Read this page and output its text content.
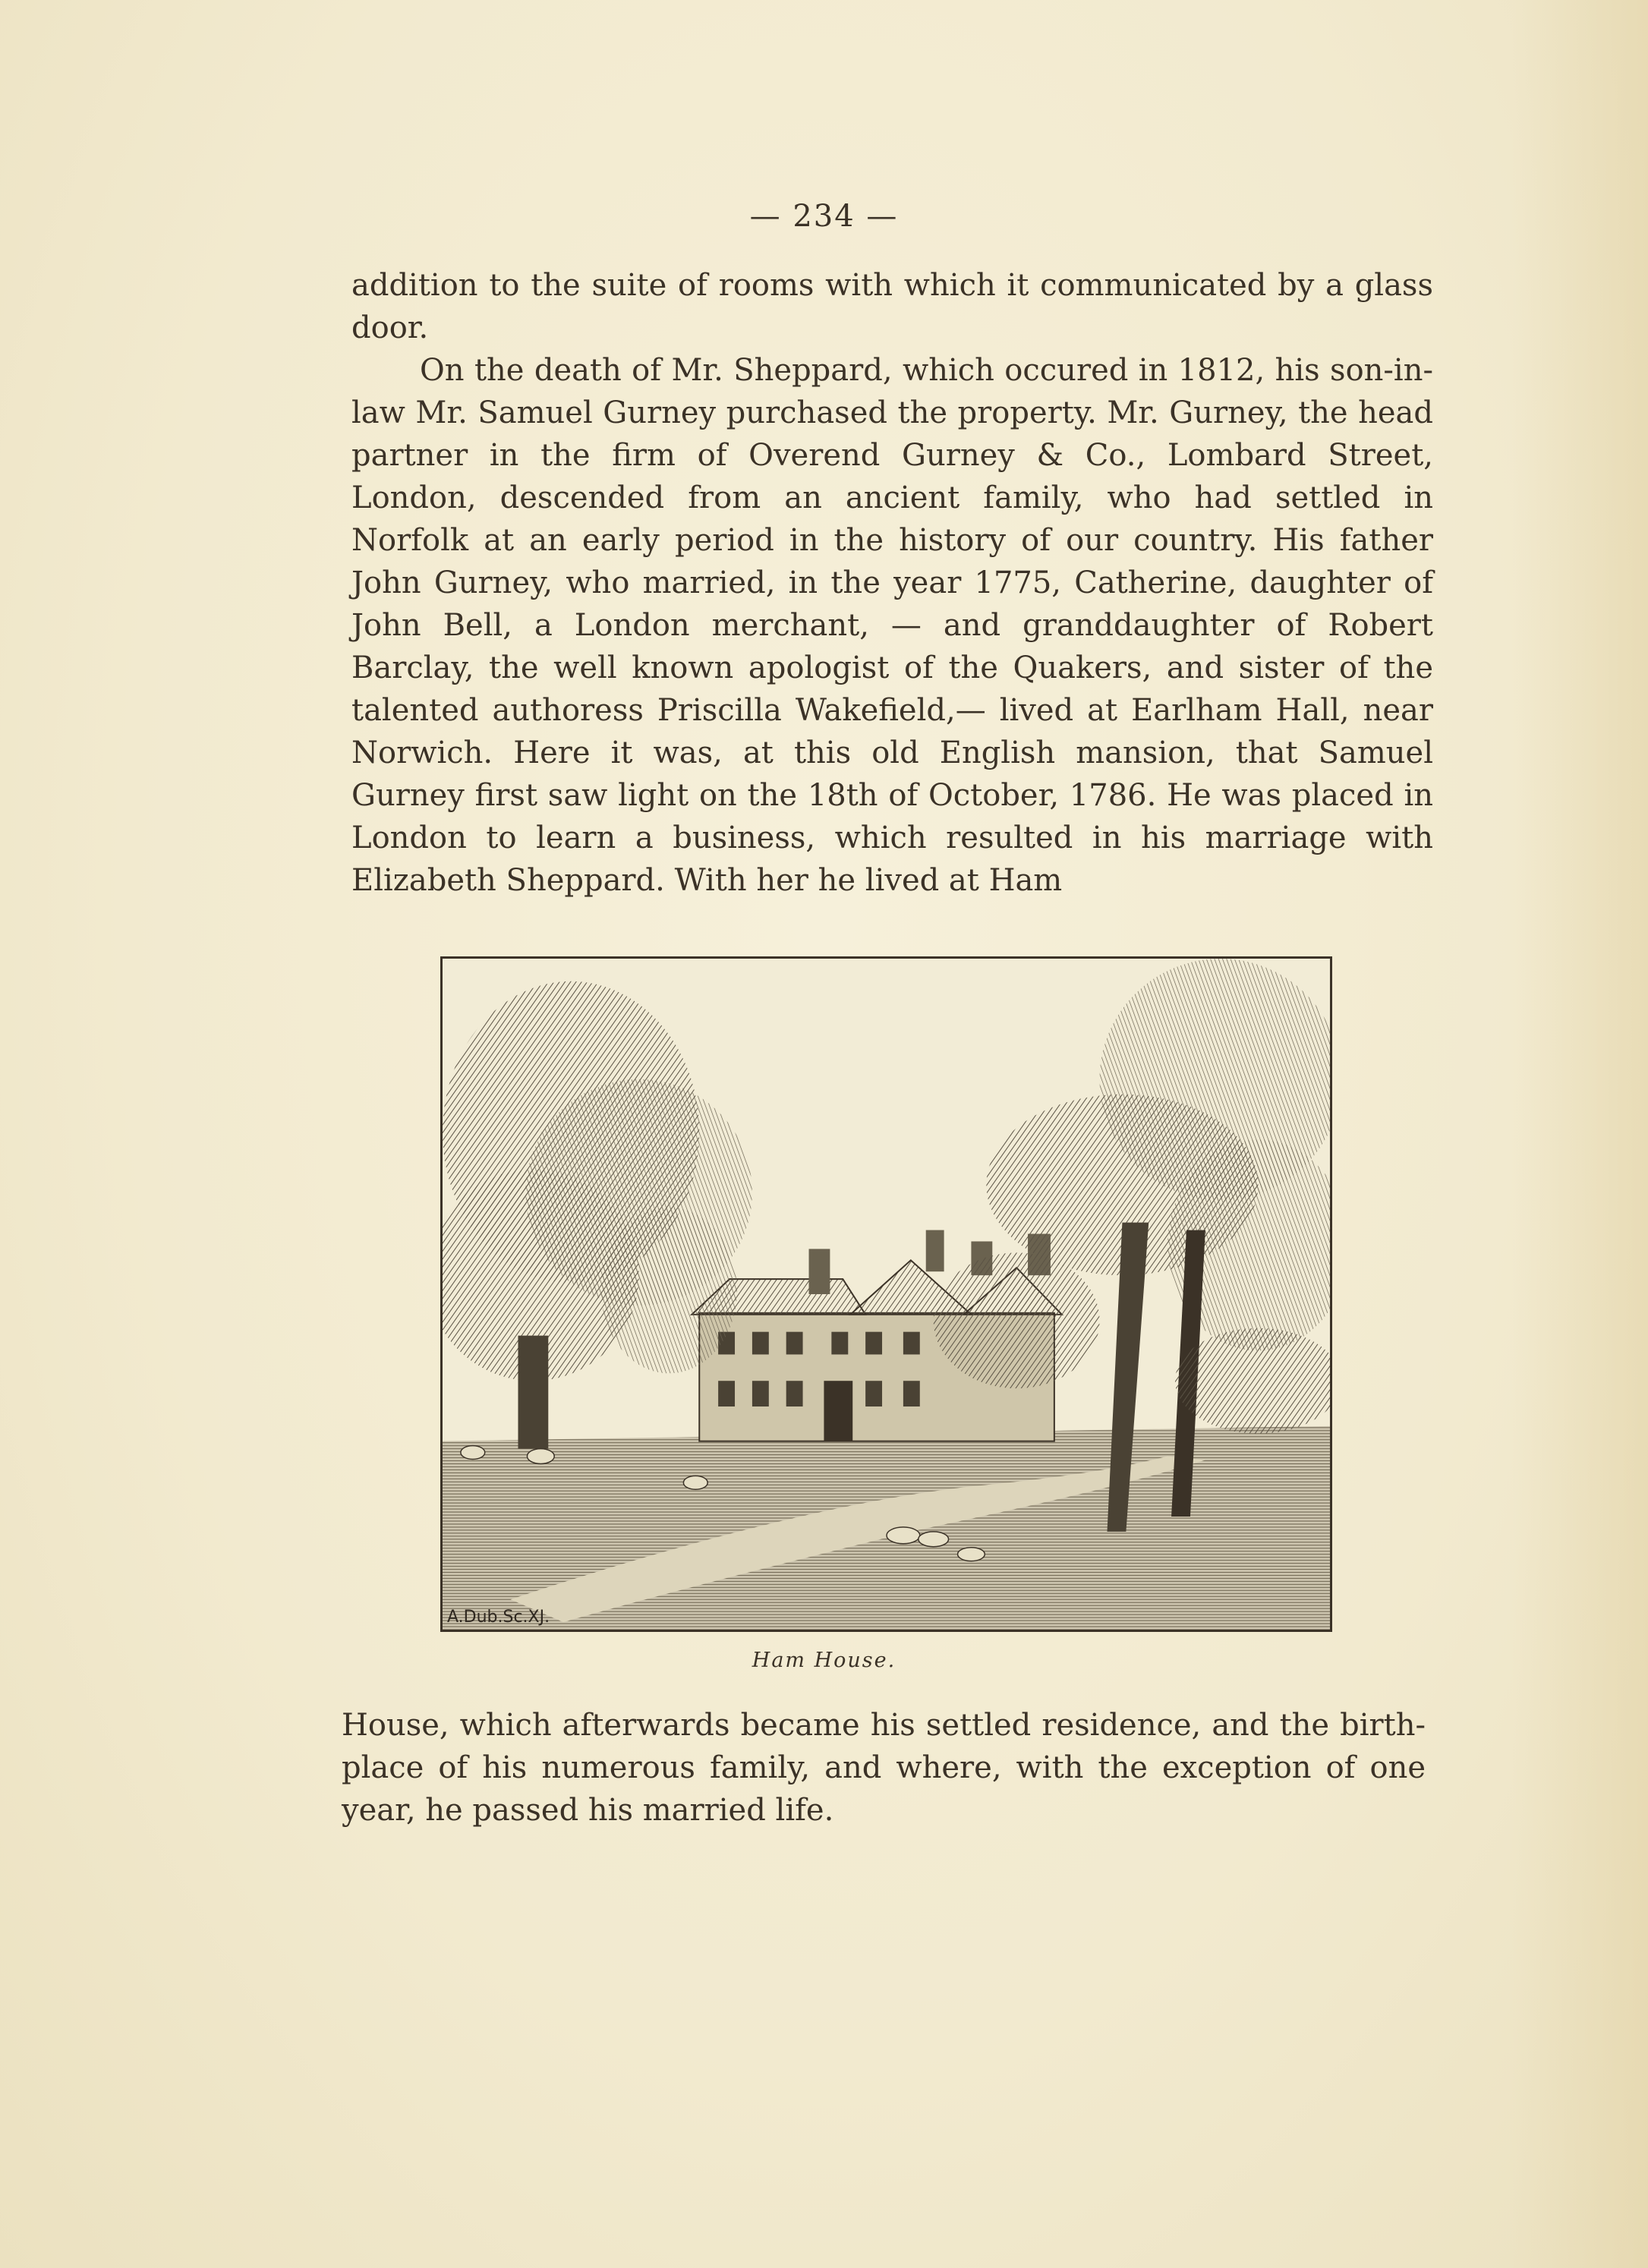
— 234 —

addition to the suite of rooms with which it communicated by a glass door.

On the death of Mr. Sheppard, which occured in 1812, his son-in-law Mr. Samuel Gurney purchased the property. Mr. Gurney, the head partner in the firm of Overend Gurney & Co., Lombard Street, London, descended from an ancient family, who had settled in Norfolk at an early period in the history of our country. His father John Gurney, who married, in the year 1775, Catherine, daughter of John Bell, a London merchant, — and granddaughter of Robert Barclay, the well known apologist of the Quakers, and sister of the talented authoress Priscilla Wakefield,— lived at Earlham Hall, near Norwich. Here it was, at this old English mansion, that Samuel Gurney first saw light on the 18th of October, 1786. He was placed in London to learn a business, which resulted in his marriage with Elizabeth Sheppard. With her he lived at Ham

A.Dub.Sc.XJ.
Ham House.

House, which afterwards became his settled residence, and the birth-place of his numerous family, and where, with the exception of one year, he passed his married life.
